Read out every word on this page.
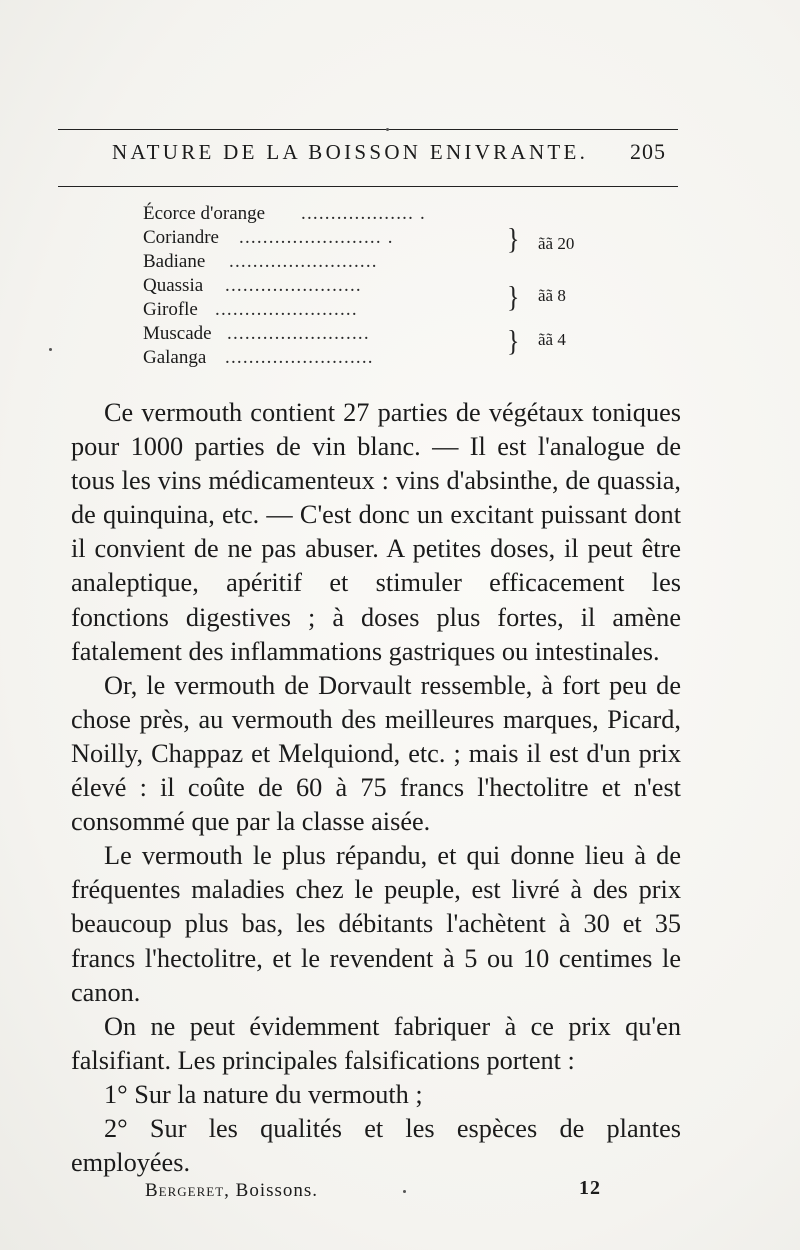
NATURE DE LA BOISSON ENIVRANTE. 205
Écorce d'orange ................... .
Coriandre ........................ .
Badiane .........................
Quassia .......................
Girofle ........................
Muscade ........................
Galanga .........................
} ãã 20
} ãã 8
} ãã 4

Ce vermouth contient 27 parties de végétaux toniques pour 1000 parties de vin blanc. — Il est l'analogue de tous les vins médicamenteux : vins d'absinthe, de quassia, de quinquina, etc. — C'est donc un excitant puissant dont il convient de ne pas abuser. A petites doses, il peut être analeptique, apéritif et stimuler efficacement les fonctions digestives ; à doses plus fortes, il amène fatalement des inflammations gastriques ou intestinales.

Or, le vermouth de Dorvault ressemble, à fort peu de chose près, au vermouth des meilleures marques, Picard, Noilly, Chappaz et Melquiond, etc. ; mais il est d'un prix élevé : il coûte de 60 à 75 francs l'hectolitre et n'est consommé que par la classe aisée.

Le vermouth le plus répandu, et qui donne lieu à de fréquentes maladies chez le peuple, est livré à des prix beaucoup plus bas, les débitants l'achètent à 30 et 35 francs l'hectolitre, et le revendent à 5 ou 10 centimes le canon.

On ne peut évidemment fabriquer à ce prix qu'en falsifiant. Les principales falsifications portent :

1° Sur la nature du vermouth ;

2° Sur les qualités et les espèces de plantes employées.

Bergeret, Boissons.	12
